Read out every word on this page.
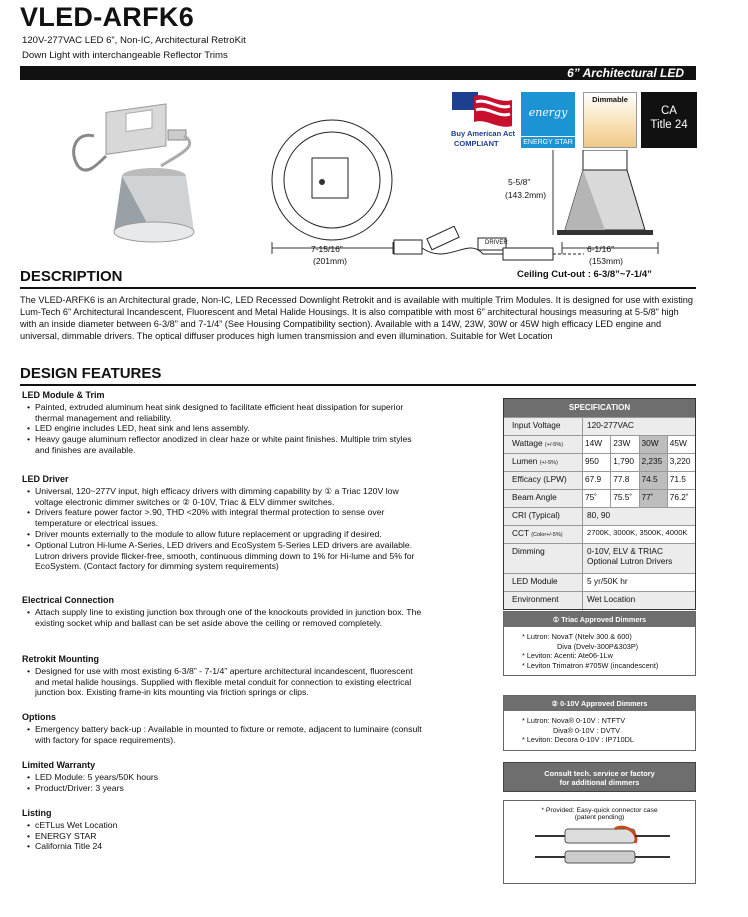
VLED-ARFK6
120V-277VAC LED 6”, Non-IC, Architectural RetroKit
Down Light with interchangeable Reflector Trims
6” Architectural LED
7-15/16”
(201mm)
DRIVER
5-5/8”
(143.2mm)
6-1/16”
(153mm)
Ceiling Cut-out : 6-3/8”~7-1/4”
Buy American Act
COMPLIANT
energy
ENERGY STAR
Dimmable
CA
Title 24
DESCRIPTION
The VLED-ARFK6 is an Architectural grade, Non-IC, LED Recessed Downlight Retrokit and is available with multiple Trim Modules. It is designed for use with existing Lum-Tech 6” Architectural Incandescent, Fluorescent and Metal Halide Housings. It is also compatible with most 6” architectural housings measuring at 5-5/8” high with an inside diameter between 6-3/8” and 7-1/4” (See Housing Compatibility section). Available with a 14W, 23W, 30W or 45W high efficacy LED engine and universal, dimmable drivers. The optical diffuser produces high lumen transmission and even illumination. Suitable for Wet Location
DESIGN FEATURES
LED Module & Trim
• Painted, extruded aluminum heat sink designed to facilitate efficient heat dissipation for superior thermal management and reliability.
• LED engine includes LED, heat sink and lens assembly.
• Heavy gauge aluminum reflector anodized in clear haze or white paint finishes. Multiple trim styles and finishes are available.
LED Driver
• Universal, 120~277V input, high efficacy drivers with dimming capability by ① a Triac 120V low voltage electronic dimmer switches or ② 0-10V, Triac & ELV dimmer switches.
• Drivers feature power factor >.90, THD <20% with integral thermal protection to sense over temperature or electrical issues.
• Driver mounts externally to the module to allow future replacement or upgrading if desired.
• Optional Lutron Hi-lume A-Series, LED drivers and EcoSystem 5-Series LED drivers are available. Lutron drivers provide flicker-free, smooth, continuous dimming down to 1% for Hi-lume and 5% for EcoSystem. (Contact factory for dimming system requirements)
Electrical Connection
• Attach supply line to existing junction box through one of the knockouts provided in junction box. The existing socket whip and ballast can be set aside above the ceiling or removed completely.
Retrokit Mounting
• Designed for use with most existing 6-3/8” - 7-1/4” aperture architectural incandescent, fluorescent and metal halide housings. Supplied with flexible metal conduit for connection to existing electrical junction box. Existing frame-in kits mounting via friction springs or clips.
Options
• Emergency battery back-up : Available in mounted to fixture or remote, adjacent to luminaire (consult with factory for space requirements).
Limited Warranty
• LED Module: 5 years/50K hours
• Product/Driver: 3 years
Listing
• cETLus Wet Location
• ENERGY STAR
• California Title 24
SPECIFICATION
Input Voltage	120-277VAC
Wattage (+/-5%)	14W	23W	30W	45W
Lumen (+/-5%)	950	1,790 2,235 3,220
Efficacy (LPW)	67.9	77.8	74.5	71.5
Beam Angle	75˚	75.5˚	77˚	76.2˚
CRI (Typical)	80, 90
CCT (Color+/-5%)	2700K, 3000K, 3500K, 4000K
Dimming	0-10V, ELV & TRIAC
Optional Lutron Drivers
LED Module	5 yr/50K hr
Environment	Wet Location
① Triac Approved Dimmers
* Lutron: NovaT (Ntelv 300 & 600)
Diva (Dvelv-300P&303P)
* Leviton: Acenti: Ate06-1Lw
* Leviton Trimatron #705W (incandescent)
② 0-10V Approved Dimmers
* Lutron: Nova® 0-10V : NTFTV
Diva® 0-10V : DVTV
* Leviton: Decora 0-10V : IP710DL
Consult tech. service or factory
for additional dimmers
* Provided: Easy-quick connector case
(patent pending)
